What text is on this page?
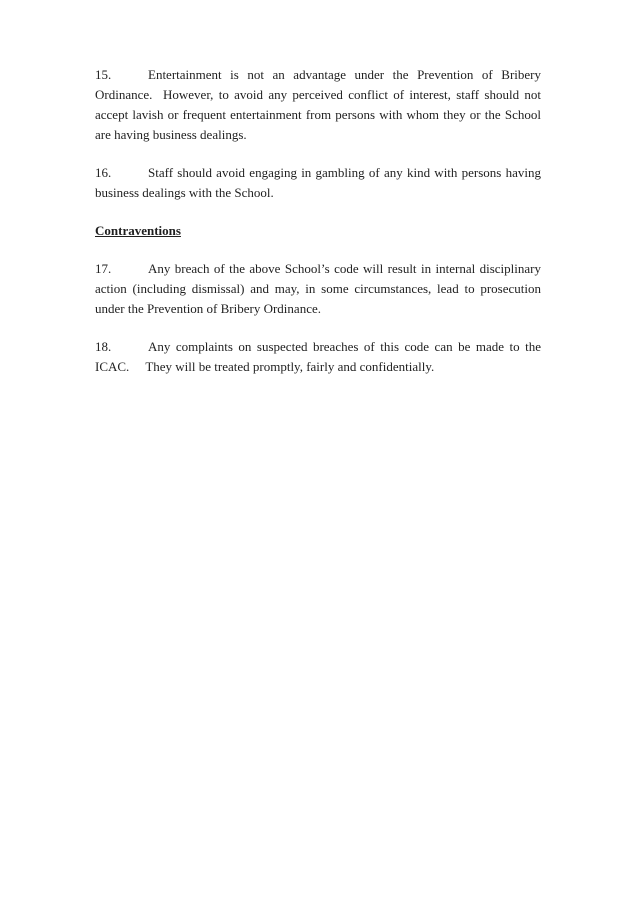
15.	Entertainment is not an advantage under the Prevention of Bribery
Ordinance.  However, to avoid any perceived conflict of interest, staff should not
accept lavish or frequent entertainment from persons with whom they or the School
are having business dealings.
16.	Staff should avoid engaging in gambling of any kind with persons having
business dealings with the School.
Contraventions
17.	Any breach of the above School’s code will result in internal disciplinary
action (including dismissal) and may, in some circumstances, lead to prosecution
under the Prevention of Bribery Ordinance.
18.	Any complaints on suspected breaches of this code can be made to the
ICAC.     They will be treated promptly, fairly and confidentially.
